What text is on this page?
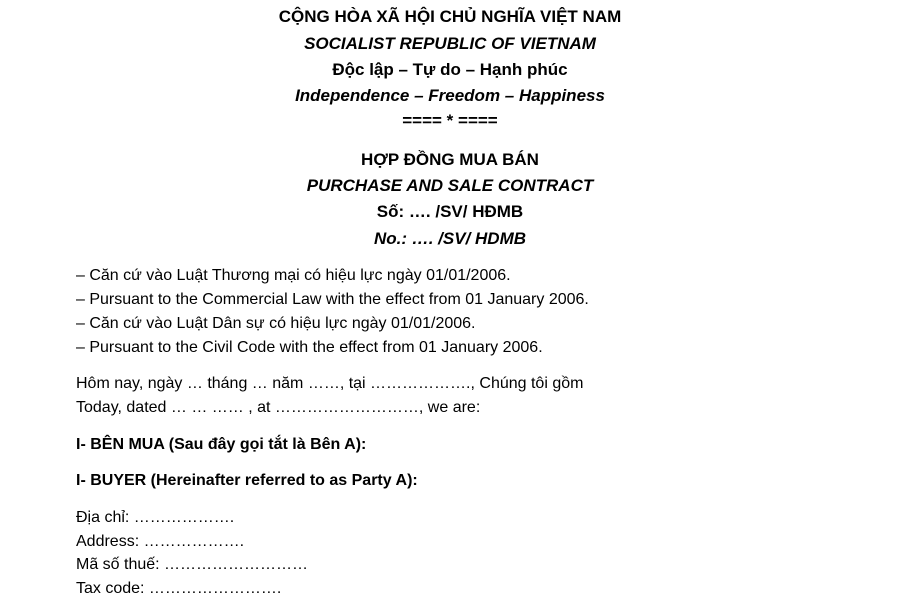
CỘNG HÒA XÃ HỘI CHỦ NGHĨA VIỆT NAM
SOCIALIST REPUBLIC OF VIETNAM
Độc lập – Tự do – Hạnh phúc
Independence – Freedom – Happiness
==== * ====
HỢP ĐỒNG MUA BÁN
PURCHASE AND SALE CONTRACT
Số: …. /SV/ HĐMB
No.: …. /SV/ HDMB
– Căn cứ vào Luật Thương mại có hiệu lực ngày 01/01/2006.
– Pursuant to the Commercial Law with the effect from 01 January 2006.
– Căn cứ vào Luật Dân sự có hiệu lực ngày 01/01/2006.
– Pursuant to the Civil Code with the effect from 01 January 2006.
Hôm nay, ngày … tháng … năm ……, tại ………………., Chúng tôi gồm
Today, dated … … …… , at ………………………, we are:
I- BÊN MUA (Sau đây gọi tắt là Bên A):
I- BUYER (Hereinafter referred to as Party A):
Địa chỉ: ……………….
Address: ……………….
Mã số thuế: ………………………
Tax code: …………………….
